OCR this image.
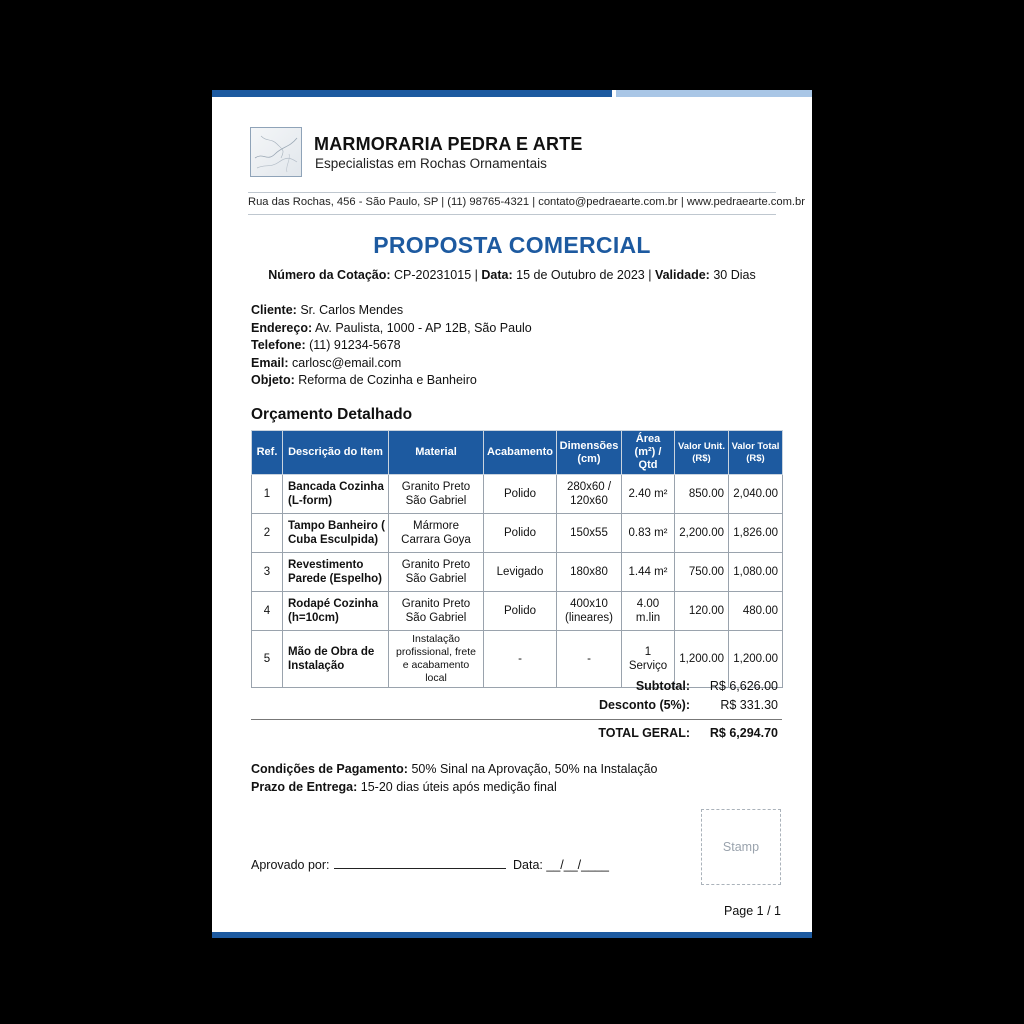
MARMORARIA PEDRA E ARTE
Especialistas em Rochas Ornamentais
Rua das Rochas, 456 - São Paulo, SP | (11) 98765-4321 | contato@pedraearte.com.br | www.pedraearte.com.br
PROPOSTA COMERCIAL
Número da Cotação: CP-20231015 | Data: 15 de Outubro de 2023 | Validade: 30 Dias
Cliente: Sr. Carlos Mendes
Endereço: Av. Paulista, 1000 - AP 12B, São Paulo
Telefone: (11) 91234-5678
Email: carlosc@email.com
Objeto: Reforma de Cozinha e Banheiro
Orçamento Detalhado
Ref.	Descrição do Item	Material	Acabamento	Dimensões (cm)	Área (m²) / Qtd	Valor Unit. (R$)	Valor Total (R$)
1	Bancada Cozinha (L-form)	Granito Preto São Gabriel	Polido	280x60 / 120x60	2.40 m²	850.00	2,040.00
2	Tampo Banheiro ( Cuba Esculpida)	Mármore Carrara Goya	Polido	150x55	0.83 m²	2,200.00	1,826.00
3	Revestimento Parede (Espelho)	Granito Preto São Gabriel	Levigado	180x80	1.44 m²	750.00	1,080.00
4	Rodapé Cozinha (h=10cm)	Granito Preto São Gabriel	Polido	400x10 (lineares)	4.00 m.lin	120.00	480.00
5	Mão de Obra de Instalação	Instalação profissional, frete e acabamento local	-	-	1 Serviço	1,200.00	1,200.00
Subtotal: R$ 6,626.00
Desconto (5%): R$ 331.30
TOTAL GERAL: R$ 6,294.70
Condições de Pagamento: 50% Sinal na Aprovação, 50% na Instalação
Prazo de Entrega: 15-20 dias úteis após medição final
Stamp
Aprovado por:	Data: __/__/____
Page 1 / 1
